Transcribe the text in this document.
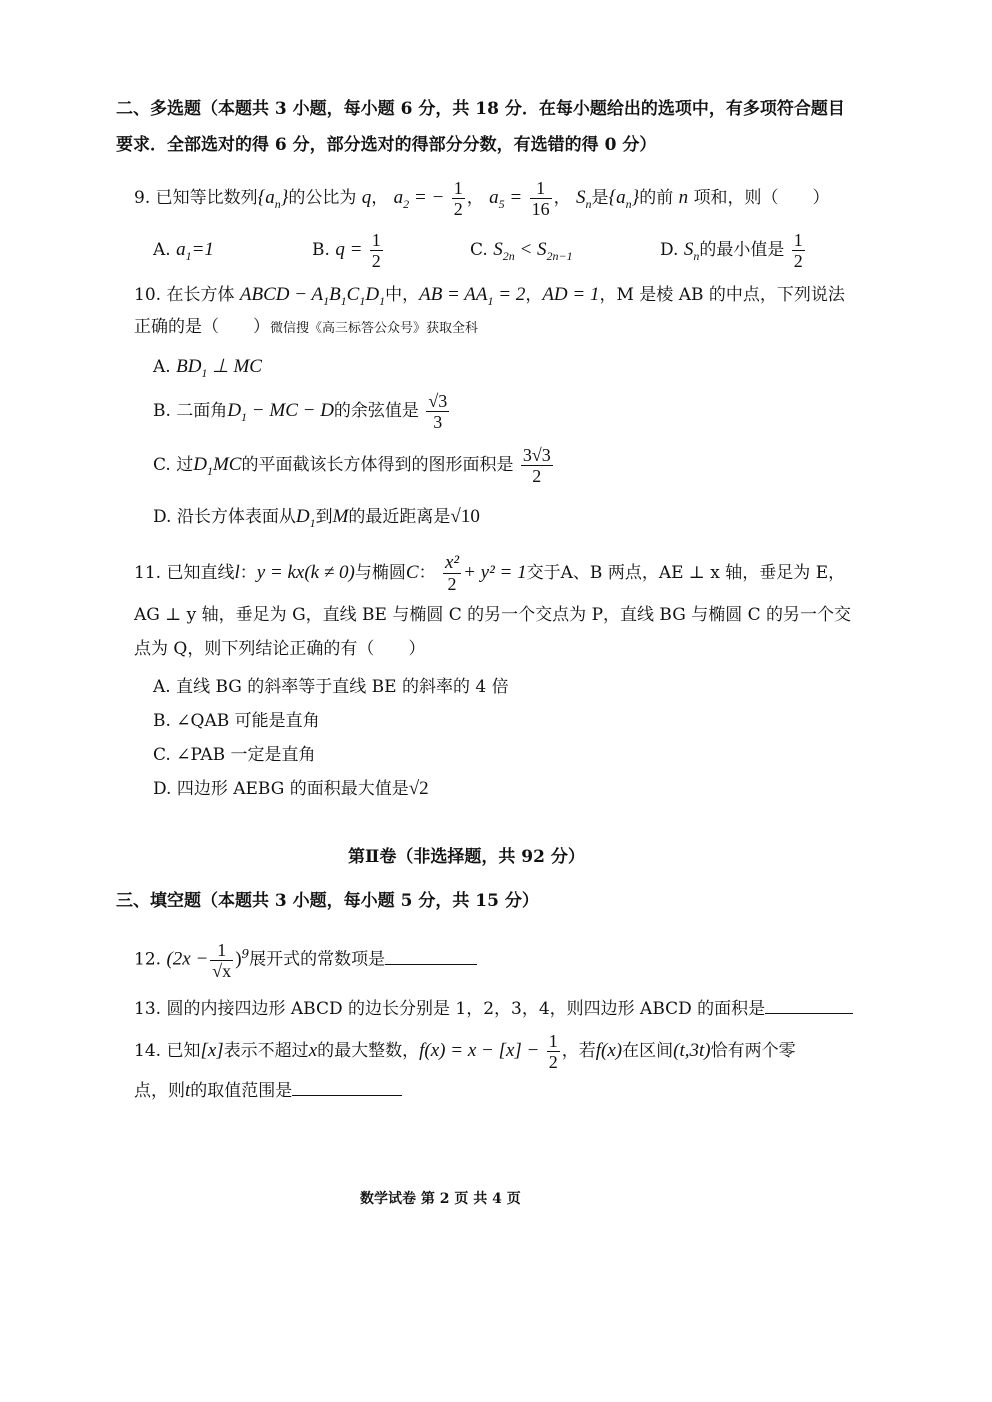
二、多选题（本题共 3 小题，每小题 6 分，共 18 分．在每小题给出的选项中，有多项符合题目
要求．全部选对的得 6 分，部分选对的得部分分数，有选错的得 0 分）
9. 已知等比数列$\{a_n\}$的公比为 q， $a_2$ = − $\frac{1}{2}$ ， $a_5 = \frac{1}{16}$ ， $S_n$是$\{a_n\}$的前 n 项和，则（　　）
A. $a_1=1$	B. $q = \frac{1}{2}$	C. $S_{2n} < S_{2n-1}$	D. $S_n$的最小值是 $\frac{1}{2}$
10. 在长方体 ABCD − $A_1B_1C_1D_1$中，AB = $AA_1 = 2$，AD = 1，M 是棱 AB 的中点，下列说法
正确的是（　　）微信搜《高三标答公众号》获取全科
A. $BD_1$ ⊥ MC
B. 二面角$D_1$ − MC − D的余弦值是 $\frac{√3}{3}$
C. 过$D_1MC$的平面截该长方体得到的图形面积是 $\frac{3√3}{2}$
D. 沿长方体表面从$D_1$到M的最近距离是√10
11. 已知直线l：y = kx(k ≠ 0)与椭圆C： $\frac{\text{x²}}{2} + y^2 = 1$交于A、B 两点，AE ⊥ x 轴，垂足为 E，
AG ⊥ y 轴，垂足为 G，直线 BE 与椭圆 C 的另一个交点为 P，直线 BG 与椭圆 C 的另一个交
点为 Q，则下列结论正确的有（　　）
A. 直线 BG 的斜率等于直线 BE 的斜率的 4 倍
B. ∠QAB 可能是直角
C. ∠PAB 一定是直角
D. 四边形 AEBG 的面积最大值是√2
第Ⅱ卷（非选择题，共 92 分）
三、填空题（本题共 3 小题，每小题 5 分，共 15 分）
12. $(2x - \frac{1}{√x} )^9$展开式的常数项是
13. 圆的内接四边形 ABCD 的边长分别是 1，2，3，4，则四边形 ABCD 的面积是
14. 已知[x]表示不超过x的最大整数，$f(x) = x - [x] - \frac{1}{2}$ ，若f(x)在区间(t,3t)恰有两个零
点，则t的取值范围是
数学试卷 第 2 页 共 4 页
